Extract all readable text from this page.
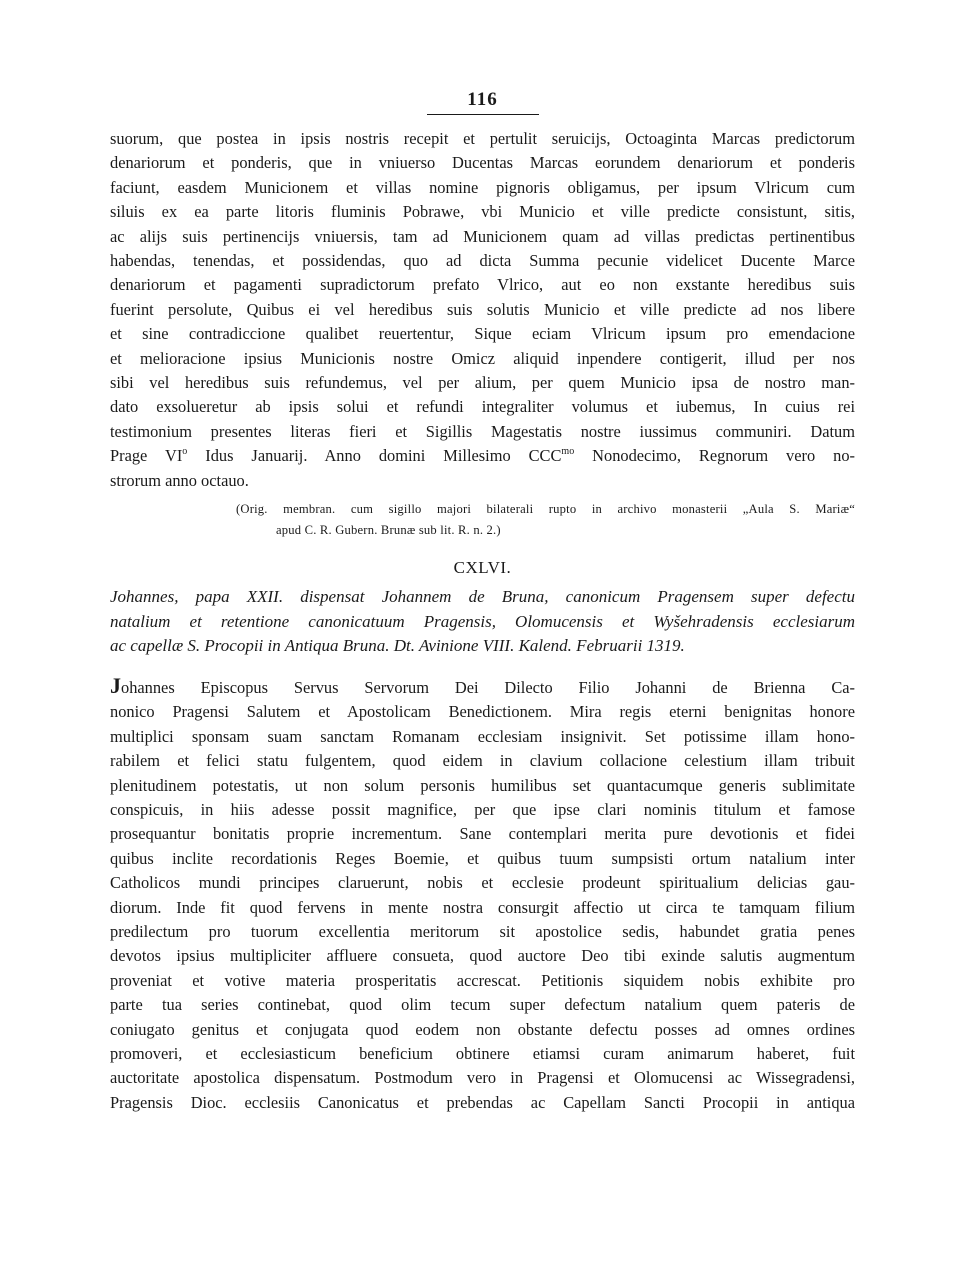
116
suorum, que postea in ipsis nostris recepit et pertulit seruicijs, Octoaginta Marcas predictorum
denariorum et ponderis, que in vniuerso Ducentas Marcas eorundem denariorum et ponderis
faciunt, easdem Municionem et villas nomine pignoris obligamus, per ipsum Vlricum cum
siluis ex ea parte litoris fluminis Pobrawe, vbi Municio et ville predicte consistunt, sitis,
ac alijs suis pertinencijs vniuersis, tam ad Municionem quam ad villas predictas pertinentibus
habendas, tenendas, et possidendas, quo ad dicta Summa pecunie videlicet Ducente Marce
denariorum et pagamenti supradictorum prefato Vlrico, aut eo non exstante heredibus suis
fuerint persolute, Quibus ei vel heredibus suis solutis Municio et ville predicte ad nos libere
et sine contradiccione qualibet reuertentur, Sique eciam Vlricum ipsum pro emendacione
et melioracione ipsius Municionis nostre Omicz aliquid inpendere contigerit, illud per nos
sibi vel heredibus suis refundemus, vel per alium, per quem Municio ipsa de nostro man-
dato exsolueretur ab ipsis solui et refundi integraliter volumus et iubemus, In cuius rei
testimonium presentes literas fieri et Sigillis Magestatis nostre iussimus communiri. Datum
Prage $VI^o$ Idus Januarij. Anno domini Millesimo $CCC^{mo}$ Nonodecimo, Regnorum vero no-
strorum anno octauo.
(Orig. membran. cum sigillo majori bilaterali rupto in archivo monasterii „Aula S. Mariæ“
apud C. R. Gubern. Brunæ sub lit. R. n. 2.)
CXLVI.
Johannes, papa XXII. dispensat Johannem de Bruna, canonicum Pragensem super defectu
natalium et retentione canonicatuum Pragensis, Olomucensis et Wyšehradensis ecclesiarum
ac capellæ S. Procopii in Antiqua Bruna. Dt. Avinione VIII. Kalend. Februarii 1319.
Johannes Episcopus Servus Servorum Dei Dilecto Filio Johanni de Brienna Ca-
nonico Pragensi Salutem et Apostolicam Benedictionem. Mira regis eterni benignitas honore
multiplici sponsam suam sanctam Romanam ecclesiam insignivit. Set potissime illam hono-
rabilem et felici statu fulgentem, quod eidem in clavium collacione celestium illam tribuit
plenitudinem potestatis, ut non solum personis humilibus set quantacumque generis sublimitate
conspicuis, in hiis adesse possit magnifice, per que ipse clari nominis titulum et famose
prosequantur bonitatis proprie incrementum. Sane contemplari merita pure devotionis et fidei
quibus inclite recordationis Reges Boemie, et quibus tuum sumpsisti ortum natalium inter
Catholicos mundi principes claruerunt, nobis et ecclesie prodeunt spiritualium delicias gau-
diorum. Inde fit quod fervens in mente nostra consurgit affectio ut circa te tamquam filium
predilectum pro tuorum excellentia meritorum sit apostolice sedis, habundet gratia penes
devotos ipsius multipliciter affluere consueta, quod auctore Deo tibi exinde salutis augmentum
proveniat et votive materia prosperitatis accrescat. Petitionis siquidem nobis exhibite pro
parte tua series continebat, quod olim tecum super defectum natalium quem pateris de
coniugato genitus et conjugata quod eodem non obstante defectu posses ad omnes ordines
promoveri, et ecclesiasticum beneficium obtinere etiamsi curam animarum haberet, fuit
auctoritate apostolica dispensatum. Postmodum vero in Pragensi et Olomucensi ac Wissegradensi,
Pragensis Dioc. ecclesiis Canonicatus et prebendas ac Capellam Sancti Procopii in antiqua
